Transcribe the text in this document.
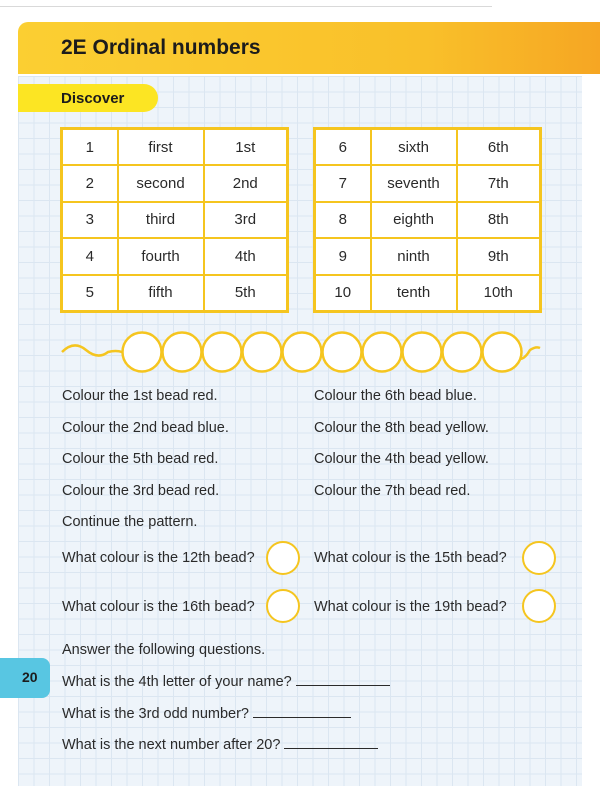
2E Ordinal numbers
Discover
1	first	1st
2	second	2nd
3	third	3rd
4	fourth	4th
5	fifth	5th
6	sixth	6th
7	seventh	7th
8	eighth	8th
9	ninth	9th
10	tenth	10th
Colour the 1st bead red.
Colour the 2nd bead blue.
Colour the 5th bead red.
Colour the 3rd bead red.
Continue the pattern.
Colour the 6th bead blue.
Colour the 8th bead yellow.
Colour the 4th bead yellow.
Colour the 7th bead red.
What colour is the 12th bead?	What colour is the 15th bead?
What colour is the 16th bead?	What colour is the 19th bead?
Answer the following questions.
What is the 4th letter of your name?
What is the 3rd odd number?
What is the next number after 20?
20
